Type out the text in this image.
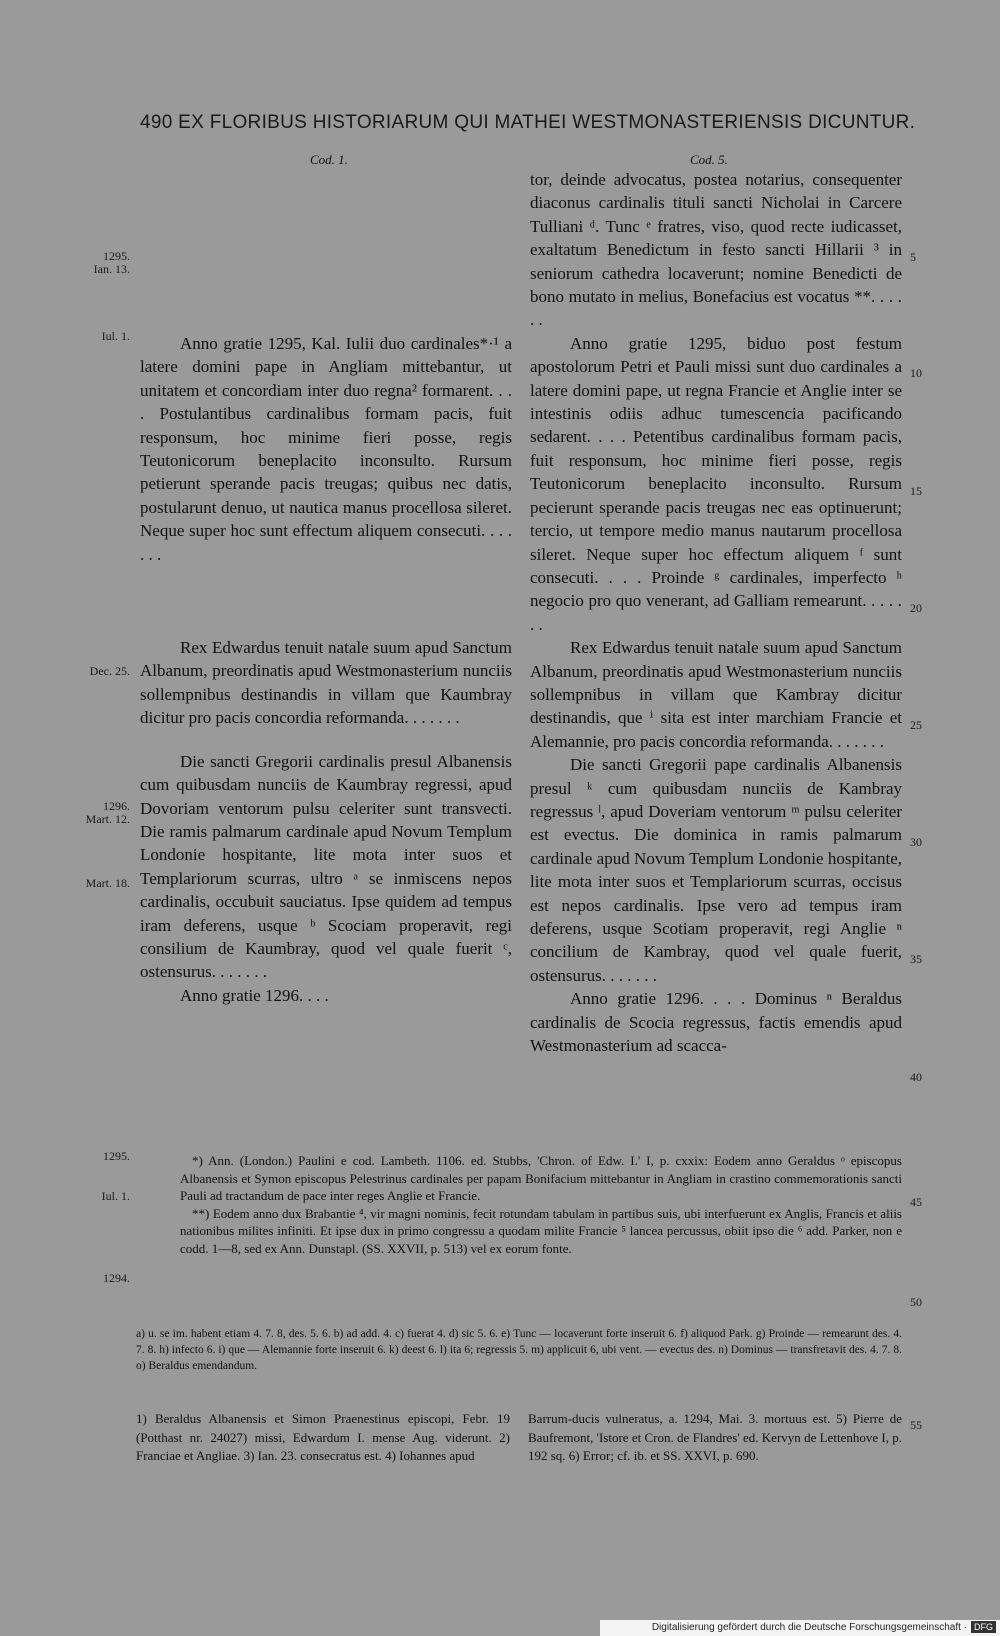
490 EX FLORIBUS HISTORIARUM QUI MATHEI WESTMONASTERIENSIS DICUNTUR.
Cod. 1.	Cod. 5.

Anno gratie 1295, Kal. Iulii duo cardinales*·¹ a latere domini pape in Angliam mittebantur, ut unitatem et concordiam inter duo regna² formarent. . . . Postulantibus cardinalibus formam pacis, fuit responsum, hoc minime fieri posse, regis Teutonicorum beneplacito inconsulto. Rursum petierunt sperande pacis treugas; quibus nec datis, postularunt denuo, ut nautica manus procellosa sileret. Neque super hoc sunt effectum aliquem consecuti. . . . . . .

Rex Edwardus tenuit natale suum apud Sanctum Albanum, preordinatis apud Westmonasterium nunciis sollempnibus destinandis in villam que Kaumbray dicitur pro pacis concordia reformanda. . . . . . .

Die sancti Gregorii cardinalis presul Albanensis cum quibusdam nunciis de Kaumbray regressi, apud Dovoriam ventorum pulsu celeriter sunt transvecti. Die ramis palmarum cardinale apud Novum Templum Londonie hospitante, lite mota inter suos et Templariorum scurras, ultro ᵃ se inmiscens nepos cardinalis, occubuit sauciatus. Ipse quidem ad tempus iram deferens, usque ᵇ Scociam properavit, regi consilium de Kaumbray, quod vel quale fuerit ᶜ, ostensurus. . . . . . .

Anno gratie 1296. . . .

tor, deinde advocatus, postea notarius, consequenter diaconus cardinalis tituli sancti Nicholai in Carcere Tulliani ᵈ. Tunc ᵉ fratres, viso, quod recte iudicasset, exaltatum Benedictum in festo sancti Hillarii ³ in seniorum cathedra locaverunt; nomine Benedicti de bono mutato in melius, Bonefacius est vocatus **. . . . . .

Anno gratie 1295, biduo post festum apostolorum Petri et Pauli missi sunt duo cardinales a latere domini pape, ut regna Francie et Anglie inter se intestinis odiis adhuc tumescencia pacificando sedarent. . . . Petentibus cardinalibus formam pacis, fuit responsum, hoc minime fieri posse, regis Teutonicorum beneplacito inconsulto. Rursum pecierunt sperande pacis treugas nec eas optinuerunt; tercio, ut tempore medio manus nautarum procellosa sileret. Neque super hoc effectum aliquem ᶠ sunt consecuti. . . . Proinde ᵍ cardinales, imperfecto ʰ negocio pro quo venerant, ad Galliam remearunt. . . . . . .

Rex Edwardus tenuit natale suum apud Sanctum Albanum, preordinatis apud Westmonasterium nunciis sollempnibus in villam que Kambray dicitur destinandis, que ⁱ sita est inter marchiam Francie et Alemannie, pro pacis concordia reformanda. . . . . . .

Die sancti Gregorii pape cardinalis Albanensis presul ᵏ cum quibusdam nunciis de Kambray regressus ˡ, apud Doveriam ventorum ᵐ pulsu celeriter est evectus. Die dominica in ramis palmarum cardinale apud Novum Templum Londonie hospitante, lite mota inter suos et Templariorum scurras, occisus est nepos cardinalis. Ipse vero ad tempus iram deferens, usque Scotiam properavit, regi Anglie ⁿ concilium de Kambray, quod vel quale fuerit, ostensurus. . . . . . .

Anno gratie 1296. . . . Dominus ⁿ Beraldus cardinalis de Scocia regressus, factis emendis apud Westmonasterium ad scacca-

1295.
Ian. 13.
Iul. 1.
Dec. 25.
1296.
Mart. 12.
Mart. 18.
1295.
Iul. 1.
1294.
5
10
15
20
25
30
35
40
45
50
55

*) Ann. (London.) Paulini e cod. Lambeth. 1106. ed. Stubbs, 'Chron. of Edw. I.' I, p. cxxix: Eodem anno Geraldus ᵒ episcopus Albanensis et Symon episcopus Pelestrinus cardinales per papam Bonifacium mittebantur in Angliam in crastino commemorationis sancti Pauli ad tractandum de pace inter reges Anglie et Francie.

**) Eodem anno dux Brabantie ⁴, vir magni nominis, fecit rotundam tabulam in partibus suis, ubi interfuerunt ex Anglis, Francis et aliis nationibus milites infiniti. Et ipse dux in primo congressu a quodam milite Francie ⁵ lancea percussus, obiit ipso die ⁶ add. Parker, non e codd. 1—8, sed ex Ann. Dunstapl. (SS. XXVII, p. 513) vel ex eorum fonte.

a) u. se im. habent etiam 4. 7. 8, des. 5. 6. b) ad add. 4. c) fuerat 4. d) sic 5. 6. e) Tunc — locaverunt forte inseruit 6. f) aliquod Park. g) Proinde — remearunt des. 4. 7. 8. h) infecto 6. i) que — Alemannie forte inseruit 6. k) deest 6. l) ita 6; regressis 5. m) applicuit 6, ubi vent. — evectus des. n) Dominus — transfretavit des. 4. 7. 8. o) Beraldus emendandum.
1) Beraldus Albanensis et Simon Praenestinus episcopi, Febr. 19 (Potthast nr. 24027) missi, Edwardum I. mense Aug. viderunt. 2) Franciae et Angliae. 3) Ian. 23. consecratus est. 4) Iohannes apud
Barrum-ducis vulneratus, a. 1294, Mai. 3. mortuus est. 5) Pierre de Baufremont, 'Istore et Cron. de Flandres' ed. Kervyn de Lettenhove I, p. 192 sq. 6) Error; cf. ib. et SS. XXVI, p. 690.
Digitalisierung gefördert durch die Deutsche Forschungsgemeinschaft · DFG
